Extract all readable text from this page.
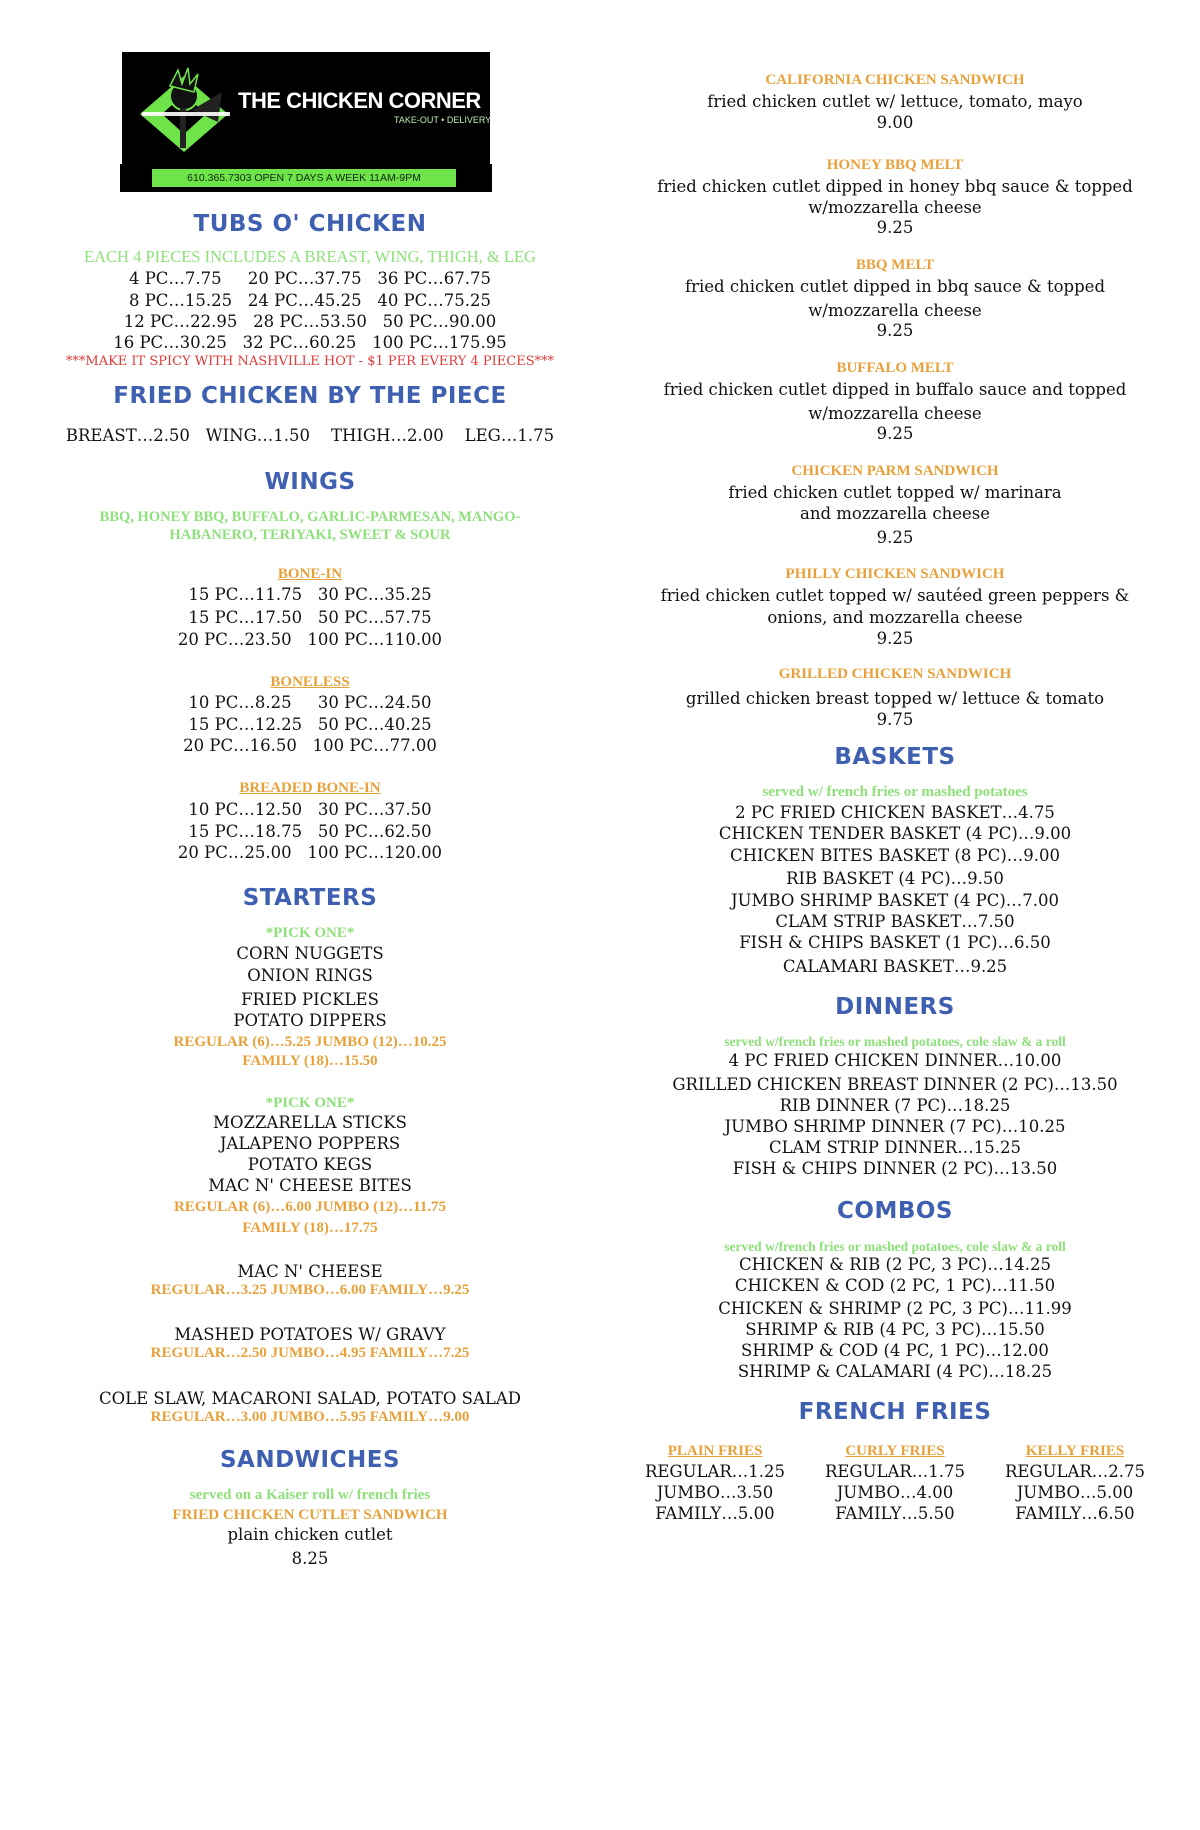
THE CHICKEN CORNER
TAKE-OUT • DELIVERY
610.365.7303 OPEN 7 DAYS A WEEK 11AM-9PM
TUBS O' CHICKEN
EACH 4 PIECES INCLUDES A BREAST, WING, THIGH, & LEG
4 PC…7.75     20 PC…37.75   36 PC…67.75
8 PC…15.25   24 PC…45.25   40 PC…75.25
12 PC…22.95   28 PC…53.50   50 PC…90.00
16 PC…30.25   32 PC…60.25   100 PC…175.95
***MAKE IT SPICY WITH NASHVILLE HOT - $1 PER EVERY 4 PIECES***
FRIED CHICKEN BY THE PIECE
BREAST…2.50   WING…1.50    THIGH…2.00    LEG…1.75
WINGS
BBQ, HONEY BBQ, BUFFALO, GARLIC-PARMESAN, MANGO-
HABANERO, TERIYAKI, SWEET & SOUR
BONE-IN
15 PC…11.75   30 PC…35.25
15 PC…17.50   50 PC…57.75
20 PC…23.50   100 PC…110.00
BONELESS
10 PC…8.25     30 PC…24.50
15 PC…12.25   50 PC…40.25
20 PC…16.50   100 PC…77.00
BREADED BONE-IN
10 PC…12.50   30 PC…37.50
15 PC…18.75   50 PC…62.50
20 PC…25.00   100 PC…120.00
STARTERS
*PICK ONE*
CORN NUGGETS
ONION RINGS
FRIED PICKLES
POTATO DIPPERS
REGULAR (6)…5.25 JUMBO (12)…10.25
FAMILY (18)…15.50
*PICK ONE*
MOZZARELLA STICKS
JALAPENO POPPERS
POTATO KEGS
MAC N' CHEESE BITES
REGULAR (6)…6.00 JUMBO (12)…11.75
FAMILY (18)…17.75
MAC N' CHEESE
REGULAR…3.25 JUMBO…6.00 FAMILY…9.25
MASHED POTATOES W/ GRAVY
REGULAR…2.50 JUMBO…4.95 FAMILY…7.25
COLE SLAW, MACARONI SALAD, POTATO SALAD
REGULAR…3.00 JUMBO…5.95 FAMILY…9.00
SANDWICHES
served on a Kaiser roll w/ french fries
FRIED CHICKEN CUTLET SANDWICH
plain chicken cutlet
8.25
CALIFORNIA CHICKEN SANDWICH
fried chicken cutlet w/ lettuce, tomato, mayo
9.00
HONEY BBQ MELT
fried chicken cutlet dipped in honey bbq sauce & topped
w/mozzarella cheese
9.25
BBQ MELT
fried chicken cutlet dipped in bbq sauce & topped
w/mozzarella cheese
9.25
BUFFALO MELT
fried chicken cutlet dipped in buffalo sauce and topped
w/mozzarella cheese
9.25
CHICKEN PARM SANDWICH
fried chicken cutlet topped w/ marinara
and mozzarella cheese
9.25
PHILLY CHICKEN SANDWICH
fried chicken cutlet topped w/ sautéed green peppers &
onions, and mozzarella cheese
9.25
GRILLED CHICKEN SANDWICH
grilled chicken breast topped w/ lettuce & tomato
9.75
BASKETS
served w/ french fries or mashed potatoes
2 PC FRIED CHICKEN BASKET…4.75
CHICKEN TENDER BASKET (4 PC)…9.00
CHICKEN BITES BASKET (8 PC)…9.00
RIB BASKET (4 PC)…9.50
JUMBO SHRIMP BASKET (4 PC)…7.00
CLAM STRIP BASKET…7.50
FISH & CHIPS BASKET (1 PC)…6.50
CALAMARI BASKET…9.25
DINNERS
served w/french fries or mashed potatoes, cole slaw & a roll
4 PC FRIED CHICKEN DINNER…10.00
GRILLED CHICKEN BREAST DINNER (2 PC)…13.50
RIB DINNER (7 PC)…18.25
JUMBO SHRIMP DINNER (7 PC)…10.25
CLAM STRIP DINNER…15.25
FISH & CHIPS DINNER (2 PC)…13.50
COMBOS
served w/french fries or mashed potatoes, cole slaw & a roll
CHICKEN & RIB (2 PC, 3 PC)…14.25
CHICKEN & COD (2 PC, 1 PC)…11.50
CHICKEN & SHRIMP (2 PC, 3 PC)…11.99
SHRIMP & RIB (4 PC, 3 PC)…15.50
SHRIMP & COD (4 PC, 1 PC)…12.00
SHRIMP & CALAMARI (4 PC)…18.25
FRENCH FRIES
PLAIN FRIES
REGULAR…1.25
JUMBO…3.50
FAMILY…5.00
CURLY FRIES
REGULAR…1.75
JUMBO…4.00
FAMILY…5.50
KELLY FRIES
REGULAR…2.75
JUMBO…5.00
FAMILY…6.50
